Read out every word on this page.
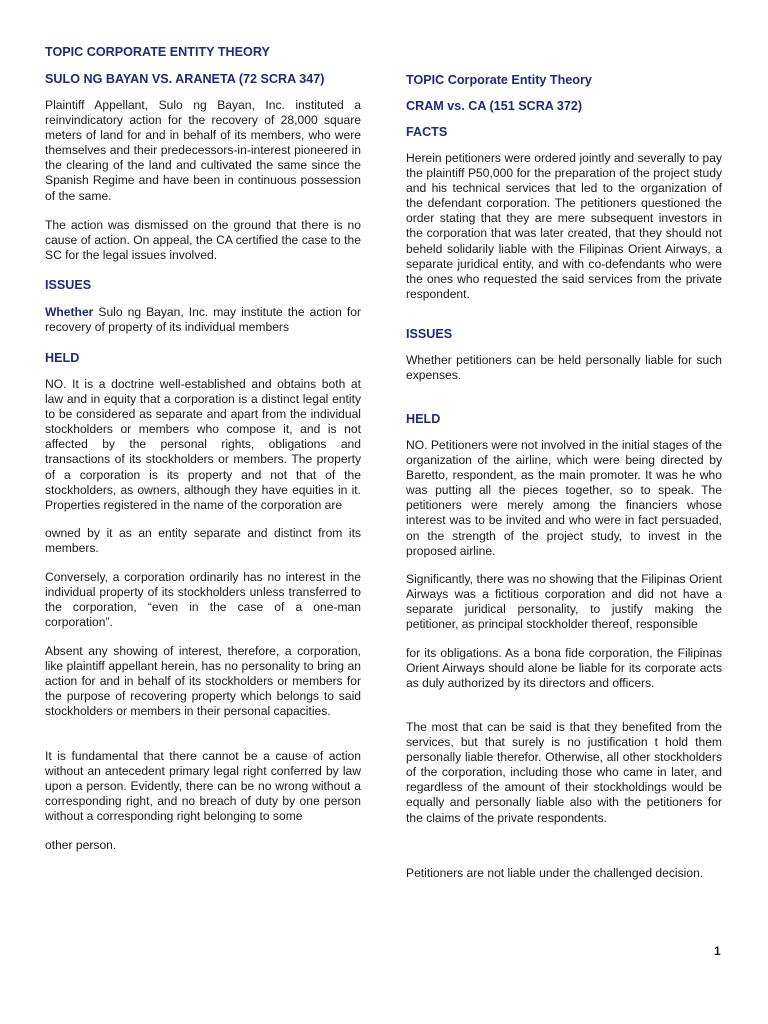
TOPIC CORPORATE ENTITY THEORY
SULO NG BAYAN VS. ARANETA (72 SCRA 347)

Plaintiff Appellant, Sulo ng Bayan, Inc. instituted a reinvindicatory action for the recovery of 28,000 square meters of land for and in behalf of its members, who were themselves and their predecessors-in-interest pioneered in the clearing of the land and cultivated the same since the Spanish Regime and have been in continuous possession of the same.

The action was dismissed on the ground that there is no cause of action. On appeal, the CA certified the case to the SC for the legal issues involved.

ISSUES

Whether Sulo ng Bayan, Inc. may institute the action for recovery of property of its individual members

HELD

NO. It is a doctrine well-established and obtains both at law and in equity that a corporation is a distinct legal entity to be considered as separate and apart from the individual stockholders or members who compose it, and is not affected by the personal rights, obligations and transactions of its stockholders or members. The property of a corporation is its property and not that of the stockholders, as owners, although they have equities in it. Properties registered in the name of the corporation are

owned by it as an entity separate and distinct from its members.

Conversely, a corporation ordinarily has no interest in the individual property of its stockholders unless transferred to the corporation, “even in the case of a one-man corporation”.

Absent any showing of interest, therefore, a corporation, like plaintiff appellant herein, has no personality to bring an action for and in behalf of its stockholders or members for the purpose of recovering property which belongs to said stockholders or members in their personal capacities.

It is fundamental that there cannot be a cause of action without an antecedent primary legal right conferred by law upon a person. Evidently, there can be no wrong without a corresponding right, and no breach of duty by one person without a corresponding right belonging to some

other person.

TOPIC Corporate Entity Theory
CRAM vs. CA (151 SCRA 372)
FACTS

Herein petitioners were ordered jointly and severally to pay the plaintiff P50,000 for the preparation of the project study and his technical services that led to the organization of the defendant corporation. The petitioners questioned the order stating that they are mere subsequent investors in the corporation that was later created, that they should not beheld solidarily liable with the Filipinas Orient Airways, a separate juridical entity, and with co-defendants who were the ones who requested the said services from the private respondent.

ISSUES

Whether petitioners can be held personally liable for such expenses.

HELD

NO. Petitioners were not involved in the initial stages of the organization of the airline, which were being directed by Baretto, respondent, as the main promoter. It was he who was putting all the pieces together, so to speak. The petitioners were merely among the financiers whose interest was to be invited and who were in fact persuaded, on the strength of the project study, to invest in the proposed airline.

Significantly, there was no showing that the Filipinas Orient Airways was a fictitious corporation and did not have a separate juridical personality, to justify making the petitioner, as principal stockholder thereof, responsible

for its obligations. As a bona fide corporation, the Filipinas Orient Airways should alone be liable for its corporate acts as duly authorized by its directors and officers.

The most that can be said is that they benefited from the services, but that surely is no justification t hold them personally liable therefor. Otherwise, all other stockholders of the corporation, including those who came in later, and regardless of the amount of their stockholdings would be equally and personally liable also with the petitioners for the claims of the private respondents.

Petitioners are not liable under the challenged decision.

1
